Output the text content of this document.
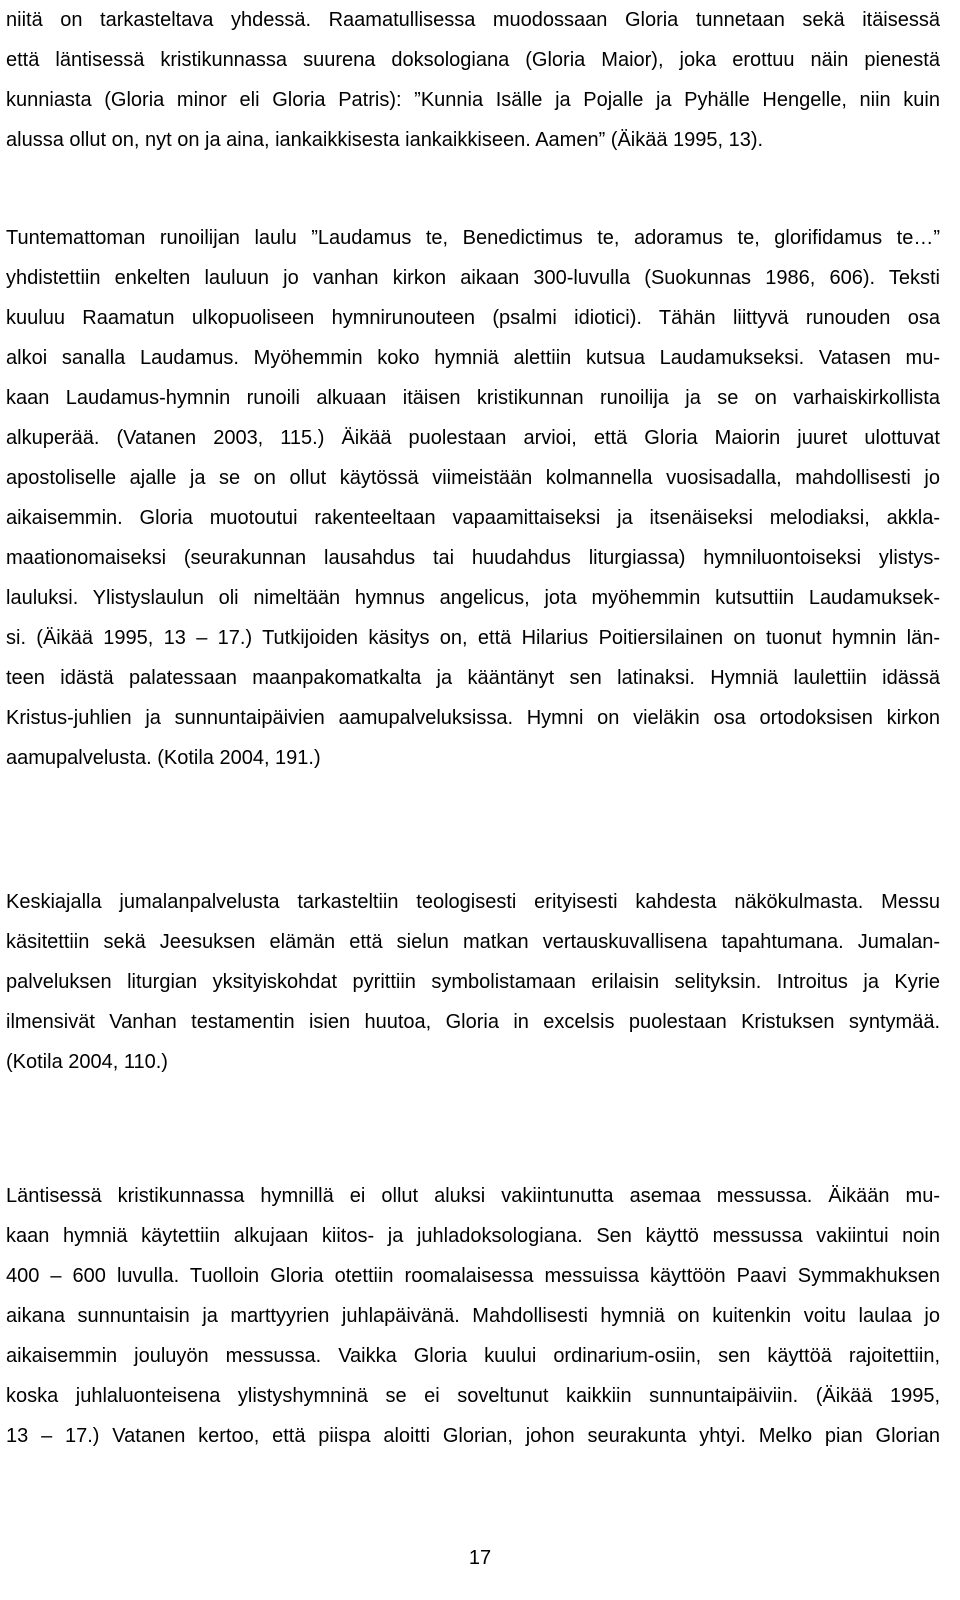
niitä on tarkasteltava yhdessä. Raamatullisessa muodossaan Gloria tunnetaan sekä itäisessä
että läntisessä kristikunnassa suurena doksologiana (Gloria Maior), joka erottuu näin pienestä
kunniasta (Gloria minor eli Gloria Patris): ”Kunnia Isälle ja Pojalle ja Pyhälle Hengelle, niin kuin
alussa ollut on, nyt on ja aina, iankaikkisesta iankaikkiseen. Aamen” (Äikää 1995, 13).
Tuntemattoman runoilijan laulu ”Laudamus te, Benedictimus te, adoramus te, glorifidamus te…”
yhdistettiin enkelten lauluun jo vanhan kirkon aikaan 300-luvulla (Suokunnas 1986, 606). Teksti
kuuluu Raamatun ulkopuoliseen hymnirunouteen (psalmi idiotici). Tähän liittyvä runouden osa
alkoi sanalla Laudamus. Myöhemmin koko hymniä alettiin kutsua Laudamukseksi. Vatasen mu-
kaan Laudamus-hymnin runoili alkuaan itäisen kristikunnan runoilija ja se on varhaiskirkollista
alkuperää. (Vatanen 2003, 115.) Äikää puolestaan arvioi, että Gloria Maiorin juuret ulottuvat
apostoliselle ajalle ja se on ollut käytössä viimeistään kolmannella vuosisadalla, mahdollisesti jo
aikaisemmin. Gloria muotoutui rakenteeltaan vapaamittaiseksi ja itsenäiseksi melodiaksi, akkla-
maationomaiseksi (seurakunnan lausahdus tai huudahdus liturgiassa) hymniluontoiseksi ylistys-
lauluksi. Ylistyslaulun oli nimeltään hymnus angelicus, jota myöhemmin kutsuttiin Laudamuksek-
si. (Äikää 1995, 13 – 17.) Tutkijoiden käsitys on, että Hilarius Poitiersilainen on tuonut hymnin län-
teen idästä palatessaan maanpakomatkalta ja kääntänyt sen latinaksi. Hymniä laulettiin idässä
Kristus-juhlien ja sunnuntaipäivien aamupalveluksissa. Hymni on vieläkin osa ortodoksisen kirkon
aamupalvelusta. (Kotila 2004, 191.)
Keskiajalla jumalanpalvelusta tarkasteltiin teologisesti erityisesti kahdesta näkökulmasta. Messu
käsitettiin sekä Jeesuksen elämän että sielun matkan vertauskuvallisena tapahtumana. Jumalan-
palveluksen liturgian yksityiskohdat pyrittiin symbolistamaan erilaisin selityksin. Introitus ja Kyrie
ilmensivät Vanhan testamentin isien huutoa, Gloria in excelsis puolestaan Kristuksen syntymää.
(Kotila 2004, 110.)
Läntisessä kristikunnassa hymnillä ei ollut aluksi vakiintunutta asemaa messussa. Äikään mu-
kaan hymniä käytettiin alkujaan kiitos- ja juhladoksologiana. Sen käyttö messussa vakiintui noin
400 – 600 luvulla. Tuolloin Gloria otettiin roomalaisessa messuissa käyttöön Paavi Symmakhuksen
aikana sunnuntaisin ja marttyyrien juhlapäivänä. Mahdollisesti hymniä on kuitenkin voitu laulaa jo
aikaisemmin jouluyön messussa. Vaikka Gloria kuului ordinarium-osiin, sen käyttöä rajoitettiin,
koska juhlaluonteisena ylistyshymninä se ei soveltunut kaikkiin sunnuntaipäiviin. (Äikää 1995,
13 – 17.) Vatanen kertoo, että piispa aloitti Glorian, johon seurakunta yhtyi. Melko pian Glorian
17
